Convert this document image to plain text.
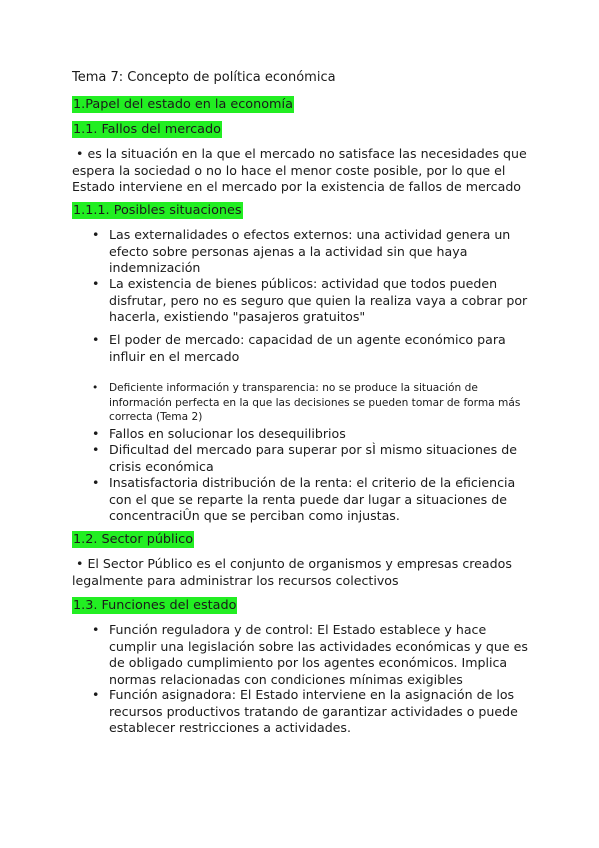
Tema 7: Concepto de política económica
1.Papel del estado en la economía
1.1. Fallos del mercado
• es la situación en la que el mercado no satisface las necesidades que espera la sociedad o no lo hace el menor coste posible, por lo que el Estado interviene en el mercado por la existencia de fallos de mercado
1.1.1. Posibles situaciones
• Las externalidades o efectos externos: una actividad genera un efecto sobre personas ajenas a la actividad sin que haya indemnización
• La existencia de bienes públicos: actividad que todos pueden disfrutar, pero no es seguro que quien la realiza vaya a cobrar por hacerla, existiendo "pasajeros gratuitos"
• El poder de mercado: capacidad de un agente económico para influir en el mercado
• Deficiente información y transparencia: no se produce la situación de información perfecta en la que las decisiones se pueden tomar de forma más correcta (Tema 2)
• Fallos en solucionar los desequilibrios
• Dificultad del mercado para superar por sÌ mismo situaciones de crisis económica
• Insatisfactoria distribución de la renta: el criterio de la eficiencia con el que se reparte la renta puede dar lugar a situaciones de concentraciÛn que se perciban como injustas.
1.2. Sector público
• El Sector Público es el conjunto de organismos y empresas creados legalmente para administrar los recursos colectivos
1.3. Funciones del estado
• Función reguladora y de control: El Estado establece y hace cumplir una legislación sobre las actividades económicas y que es de obligado cumplimiento por los agentes económicos. Implica normas relacionadas con condiciones mínimas exigibles
• Función asignadora: El Estado interviene en la asignación de los recursos productivos tratando de garantizar actividades o puede establecer restricciones a actividades.
